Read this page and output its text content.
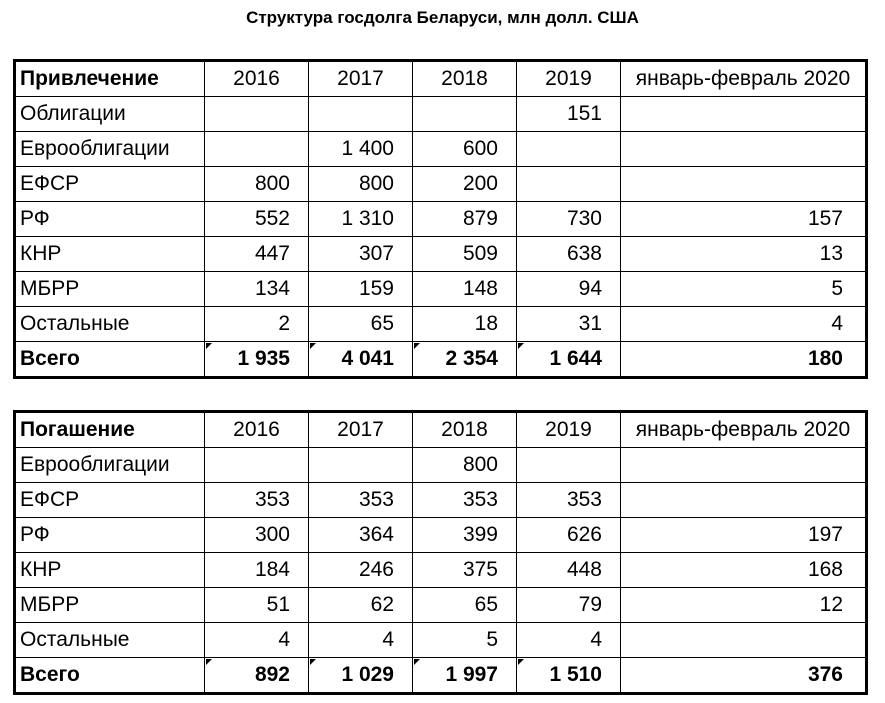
Структура госдолга Беларуси, млн долл. США
Привлечение	2016	2017	2018	2019	январь-февраль 2020
Облигации				151	
Еврооблигации		1 400	600		
ЕФСР	800	800	200		
РФ	552	1 310	879	730	157
КНР	447	307	509	638	13
МБРР	134	159	148	94	5
Остальные	2	65	18	31	4
Всего	1 935	4 041	2 354	1 644	180
Погашение	2016	2017	2018	2019	январь-февраль 2020
Еврооблигации			800		
ЕФСР	353	353	353	353	
РФ	300	364	399	626	197
КНР	184	246	375	448	168
МБРР	51	62	65	79	12
Остальные	4	4	5	4	
Всего	892	1 029	1 997	1 510	376
